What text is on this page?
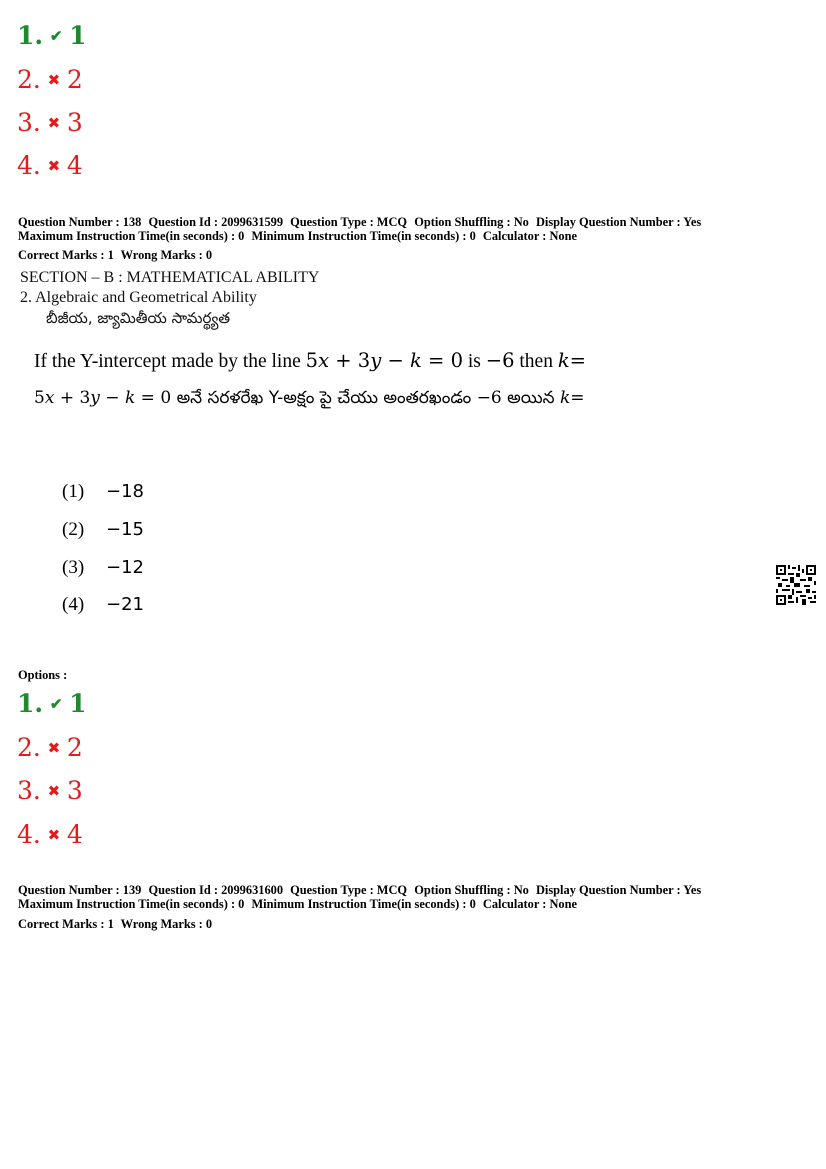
1. ✔ 1
2. ✖ 2
3. ✖ 3
4. ✖ 4
Question Number : 138 Question Id : 2099631599 Question Type : MCQ Option Shuffling : No Display Question Number : Yes
Maximum Instruction Time(in seconds) : 0 Minimum Instruction Time(in seconds) : 0 Calculator : None
Correct Marks : 1 Wrong Marks : 0
SECTION – B : MATHEMATICAL ABILITY
2. Algebraic and Geometrical Ability
బీజీయ, జ్యామితీయ సామర్థ్యత
If the Y-intercept made by the line 5x + 3y − k = 0 is −6 then k=
5x + 3y − k = 0 అనే సరళరేఖ Y-అక్షం పై చేయు అంతరఖండం −6 అయిన k=
(1) −18
(2) −15
(3) −12
(4) −21
Options :
1. ✔ 1
2. ✖ 2
3. ✖ 3
4. ✖ 4
Question Number : 139 Question Id : 2099631600 Question Type : MCQ Option Shuffling : No Display Question Number : Yes
Maximum Instruction Time(in seconds) : 0 Minimum Instruction Time(in seconds) : 0 Calculator : None
Correct Marks : 1 Wrong Marks : 0
